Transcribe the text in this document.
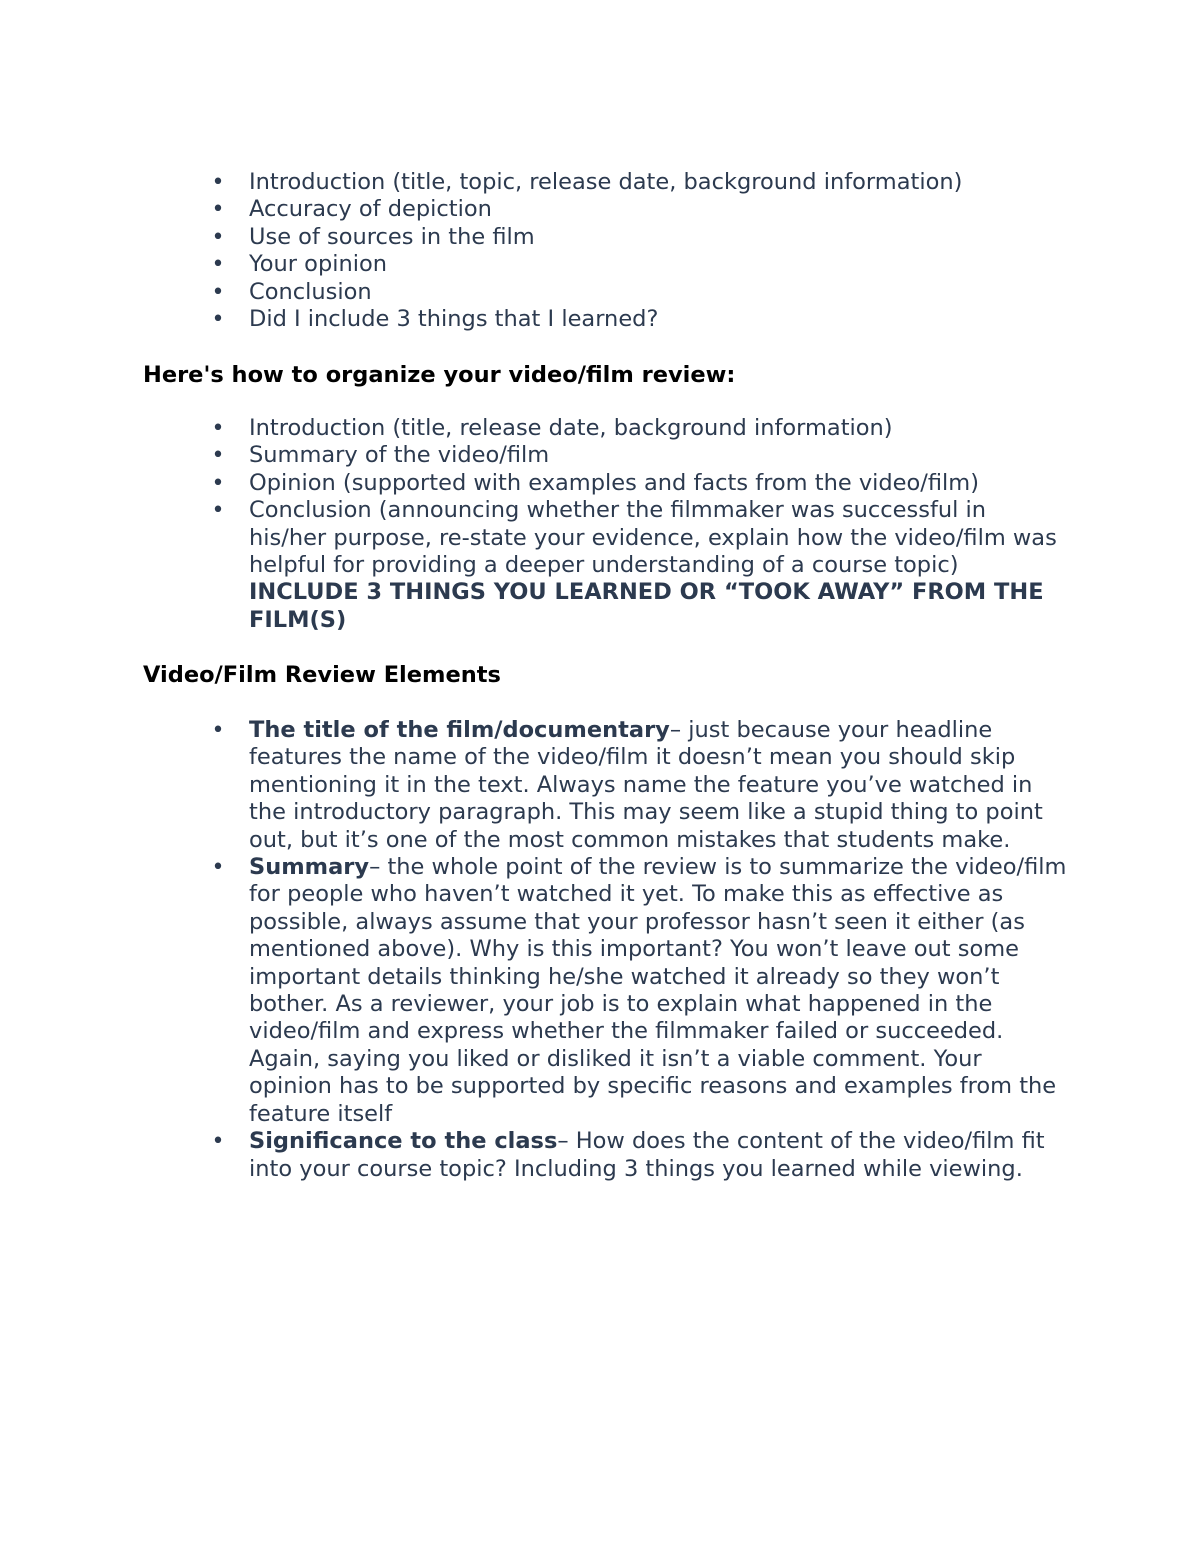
• Introduction (title, topic, release date, background information)
• Accuracy of depiction
• Use of sources in the film
• Your opinion
• Conclusion
• Did I include 3 things that I learned?
Here's how to organize your video/film review:
• Introduction (title, release date, background information)
• Summary of the video/film
• Opinion (supported with examples and facts from the video/film)
• Conclusion (announcing whether the filmmaker was successful in his/her purpose, re-state your evidence, explain how the video/film was helpful for providing a deeper understanding of a course topic) INCLUDE 3 THINGS YOU LEARNED OR “TOOK AWAY” FROM THE FILM(S)
Video/Film Review Elements
• The title of the film/documentary– just because your headline features the name of the video/film it doesn’t mean you should skip mentioning it in the text. Always name the feature you’ve watched in the introductory paragraph. This may seem like a stupid thing to point out, but it’s one of the most common mistakes that students make.
• Summary– the whole point of the review is to summarize the video/film for people who haven’t watched it yet. To make this as effective as possible, always assume that your professor hasn’t seen it either (as mentioned above). Why is this important? You won’t leave out some important details thinking he/she watched it already so they won’t bother. As a reviewer, your job is to explain what happened in the video/film and express whether the filmmaker failed or succeeded. Again, saying you liked or disliked it isn’t a viable comment. Your opinion has to be supported by specific reasons and examples from the feature itself
• Significance to the class– How does the content of the video/film fit into your course topic? Including 3 things you learned while viewing.
